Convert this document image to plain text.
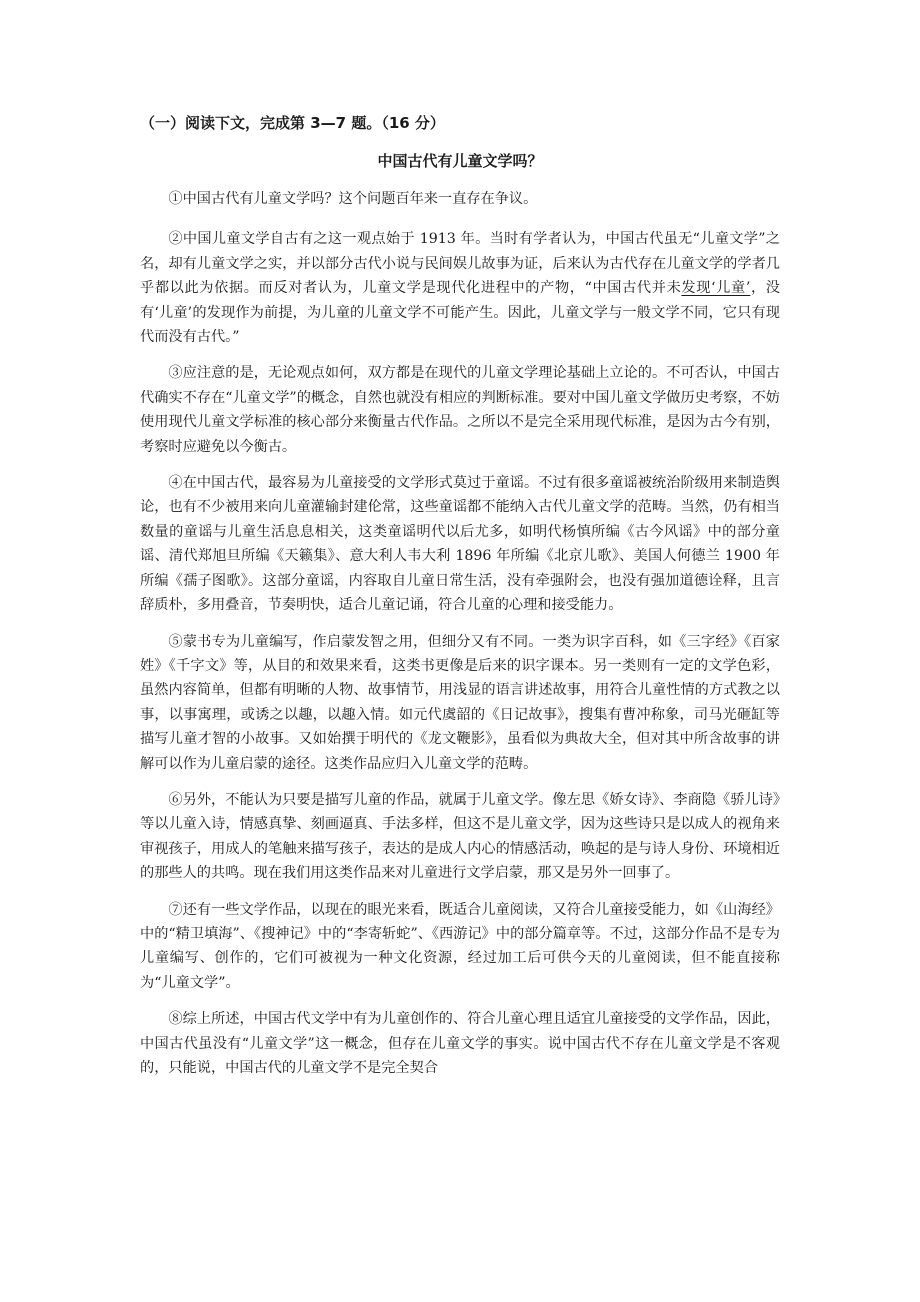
（一）阅读下文，完成第 3—7 题。（16 分）
中国古代有儿童文学吗？

①中国古代有儿童文学吗？这个问题百年来一直存在争议。

②中国儿童文学自古有之这一观点始于 1913 年。当时有学者认为，中国古代虽无“儿童文学”之名，却有儿童文学之实，并以部分古代小说与民间娱儿故事为证，后来认为古代存在儿童文学的学者几乎都以此为依据。而反对者认为，儿童文学是现代化进程中的产物，“中国古代并未发现‘儿童’，没有‘儿童’的发现作为前提，为儿童的儿童文学不可能产生。因此，儿童文学与一般文学不同，它只有现代而没有古代。”

③应注意的是，无论观点如何，双方都是在现代的儿童文学理论基础上立论的。不可否认，中国古代确实不存在“儿童文学”的概念，自然也就没有相应的判断标准。要对中国儿童文学做历史考察，不妨使用现代儿童文学标准的核心部分来衡量古代作品。之所以不是完全采用现代标准，是因为古今有别，考察时应避免以今衡古。

④在中国古代，最容易为儿童接受的文学形式莫过于童谣。不过有很多童谣被统治阶级用来制造舆论，也有不少被用来向儿童灌输封建伦常，这些童谣都不能纳入古代儿童文学的范畴。当然，仍有相当数量的童谣与儿童生活息息相关，这类童谣明代以后尤多，如明代杨慎所编《古今风谣》中的部分童谣、清代郑旭旦所编《天籁集》、意大利人韦大利 1896 年所编《北京儿歌》、美国人何德兰 1900 年所编《孺子图歌》。这部分童谣，内容取自儿童日常生活，没有牵强附会，也没有强加道德诠释，且言辞质朴，多用叠音，节奏明快，适合儿童记诵，符合儿童的心理和接受能力。

⑤蒙书专为儿童编写，作启蒙发智之用，但细分又有不同。一类为识字百科，如《三字经》《百家姓》《千字文》等，从目的和效果来看，这类书更像是后来的识字课本。另一类则有一定的文学色彩，虽然内容简单，但都有明晰的人物、故事情节，用浅显的语言讲述故事，用符合儿童性情的方式教之以事，以事寓理，或诱之以趣，以趣入情。如元代虞韶的《日记故事》，搜集有曹冲称象，司马光砸缸等描写儿童才智的小故事。又如始撰于明代的《龙文鞭影》，虽看似为典故大全，但对其中所含故事的讲解可以作为儿童启蒙的途径。这类作品应归入儿童文学的范畴。

⑥另外，不能认为只要是描写儿童的作品，就属于儿童文学。像左思《娇女诗》、李商隐《骄儿诗》等以儿童入诗，情感真挚、刻画逼真、手法多样，但这不是儿童文学，因为这些诗只是以成人的视角来审视孩子，用成人的笔触来描写孩子，表达的是成人内心的情感活动，唤起的是与诗人身份、环境相近的那些人的共鸣。现在我们用这类作品来对儿童进行文学启蒙，那又是另外一回事了。

⑦还有一些文学作品，以现在的眼光来看，既适合儿童阅读，又符合儿童接受能力，如《山海经》中的“精卫填海”、《搜神记》中的“李寄斩蛇”、《西游记》中的部分篇章等。不过，这部分作品不是专为儿童编写、创作的，它们可被视为一种文化资源，经过加工后可供今天的儿童阅读，但不能直接称为“儿童文学”。

⑧综上所述，中国古代文学中有为儿童创作的、符合儿童心理且适宜儿童接受的文学作品，因此，中国古代虽没有“儿童文学”这一概念，但存在儿童文学的事实。说中国古代不存在儿童文学是不客观的，只能说，中国古代的儿童文学不是完全契合
